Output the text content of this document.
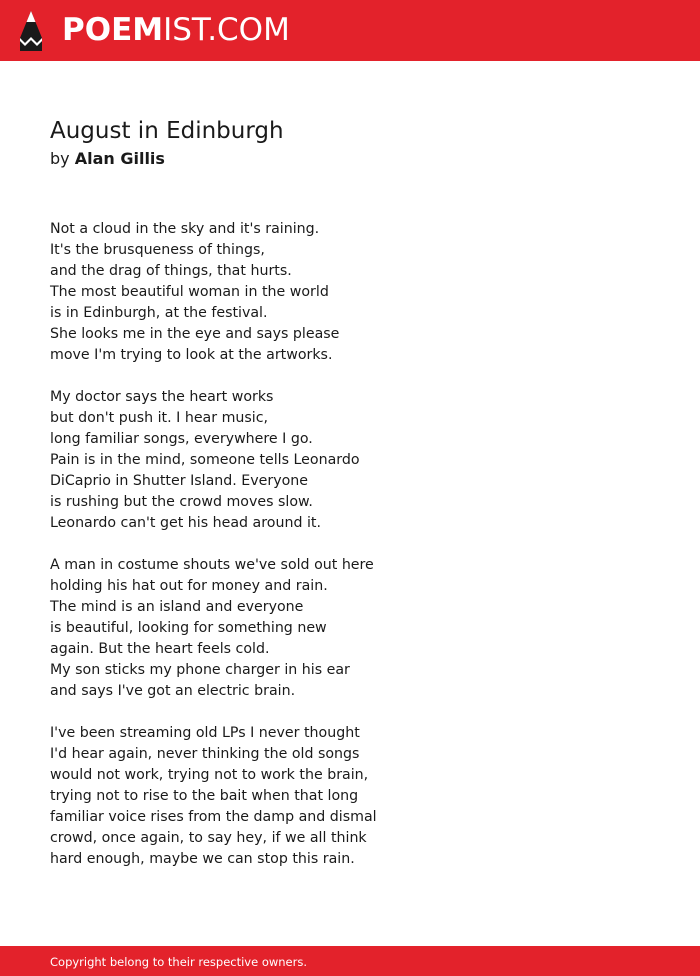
POEMIST.COM
August in Edinburgh
by Alan Gillis
Not a cloud in the sky and it's raining.
It's the brusqueness of things,
and the drag of things, that hurts.
The most beautiful woman in the world
is in Edinburgh, at the festival.
She looks me in the eye and says please
move I'm trying to look at the artworks.
My doctor says the heart works
but don't push it. I hear music,
long familiar songs, everywhere I go.
Pain is in the mind, someone tells Leonardo
DiCaprio in Shutter Island. Everyone
is rushing but the crowd moves slow.
Leonardo can't get his head around it.
A man in costume shouts we've sold out here
holding his hat out for money and rain.
The mind is an island and everyone
is beautiful, looking for something new
again. But the heart feels cold.
My son sticks my phone charger in his ear
and says I've got an electric brain.
I've been streaming old LPs I never thought
I'd hear again, never thinking the old songs
would not work, trying not to work the brain,
trying not to rise to the bait when that long
familiar voice rises from the damp and dismal
crowd, once again, to say hey, if we all think
hard enough, maybe we can stop this rain.
Copyright belong to their respective owners.
